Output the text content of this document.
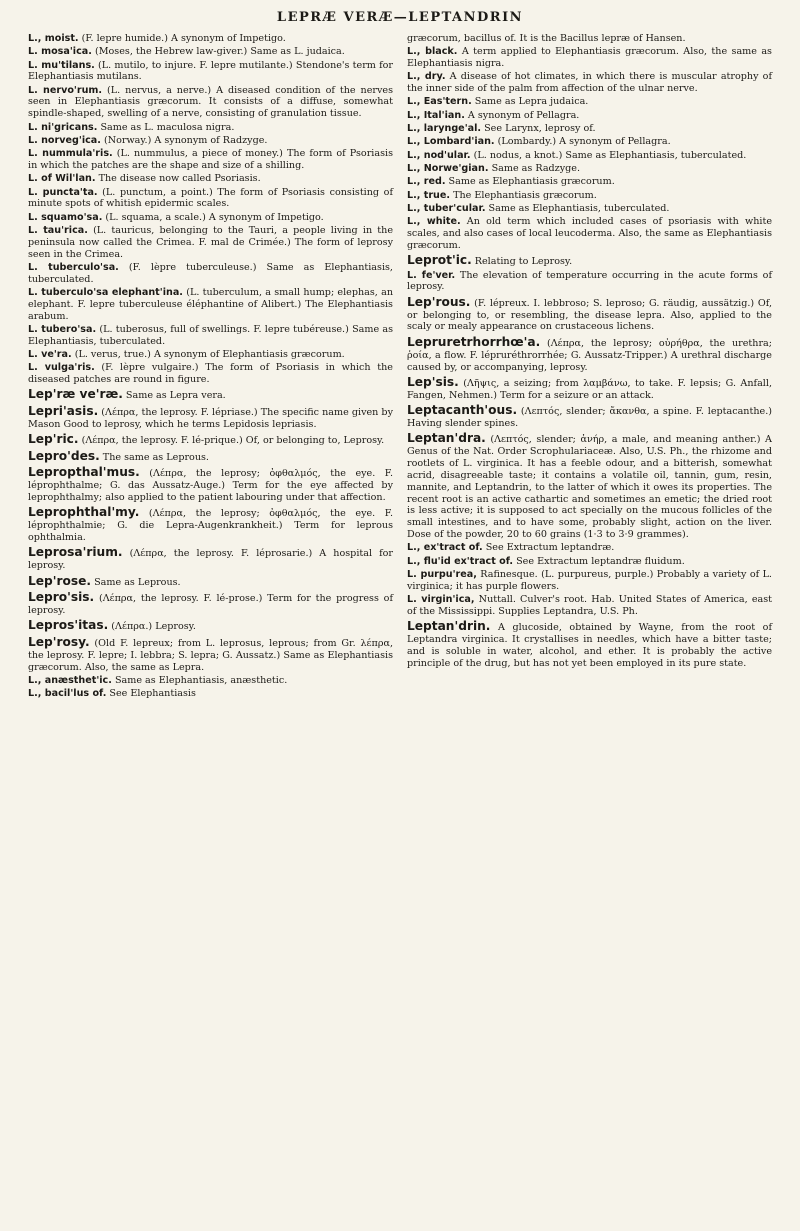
LEPRÆ VERÆ—LEPTANDRIN

L., moist. (F. lepre humide.) A synonym of Impetigo.

L. mosa'ica. (Moses, the Hebrew law-giver.) Same as L. judaica.

L. mu'tilans. (L. mutilo, to injure. F. lepre mutilante.) Stendone's term for Elephantiasis mutilans.

L. nervo'rum. (L. nervus, a nerve.) A diseased condition of the nerves seen in Elephantiasis græcorum. It consists of a diffuse, somewhat spindle-shaped, swelling of a nerve, consisting of granulation tissue.

L. ni'gricans. Same as L. maculosa nigra.

L. norveg'ica. (Norway.) A synonym of Radzyge.

L. nummula'ris. (L. nummulus, a piece of money.) The form of Psoriasis in which the patches are the shape and size of a shilling.

L. of Wil'lan. The disease now called Psoriasis.

L. puncta'ta. (L. punctum, a point.) The form of Psoriasis consisting of minute spots of whitish epidermic scales.

L. squamo'sa. (L. squama, a scale.) A synonym of Impetigo.

L. tau'rica. (L. tauricus, belonging to the Tauri, a people living in the peninsula now called the Crimea. F. mal de Crimée.) The form of leprosy seen in the Crimea.

L. tuberculo'sa. (F. lèpre tuberculeuse.) Same as Elephantiasis, tuberculated.

L. tuberculo'sa elephant'ina. (L. tuberculum, a small hump; elephas, an elephant. F. lepre tuberculeuse éléphantine of Alibert.) The Elephantiasis arabum.

L. tubero'sa. (L. tuberosus, full of swellings. F. lepre tubéreuse.) Same as Elephantiasis, tuberculated.

L. ve'ra. (L. verus, true.) A synonym of Elephantiasis græcorum.

L. vulga'ris. (F. lèpre vulgaire.) The form of Psoriasis in which the diseased patches are round in figure.

Lep'ræ ve'ræ. Same as Lepra vera.

Lepri'asis. (Λέπρα, the leprosy. F. lépriase.) The specific name given by Mason Good to leprosy, which he terms Lepidosis lepriasis.

Lep'ric. (Λέπρα, the leprosy. F. lé-prique.) Of, or belonging to, Leprosy.

Lepro'des. The same as Leprous.

Lepropthal'mus. (Λέπρα, the leprosy; ὀφθαλμός, the eye. F. léprophthalme; G. das Aussatz-Auge.) Term for the eye affected by leprophthalmy; also applied to the patient labouring under that affection.

Leprophthal'my. (Λέπρα, the leprosy; ὀφθαλμός, the eye. F. léprophthalmie; G. die Lepra-Augenkrankheit.) Term for leprous ophthalmia.

Leprosa'rium. (Λέπρα, the leprosy. F. léprosarie.) A hospital for leprosy.

Lep'rose. Same as Leprous.

Lepro'sis. (Λέπρα, the leprosy. F. lé-prose.) Term for the progress of leprosy.

Lepros'itas. (Λέπρα.) Leprosy.

Lep'rosy. (Old F. lepreux; from L. leprosus, leprous; from Gr. λέπρα, the leprosy. F. lepre; I. lebbra; S. lepra; G. Aussatz.) Same as Elephantiasis græcorum. Also, the same as Lepra.

L., anæsthet'ic. Same as Elephantiasis, anæsthetic.

L., bacil'lus of. See Elephantiasis

græcorum, bacillus of. It is the Bacillus lepræ of Hansen.

L., black. A term applied to Elephantiasis græcorum. Also, the same as Elephantiasis nigra.

L., dry. A disease of hot climates, in which there is muscular atrophy of the inner side of the palm from affection of the ulnar nerve.

L., Eas'tern. Same as Lepra judaica.

L., Ital'ian. A synonym of Pellagra.

L., larynge'al. See Larynx, leprosy of.

L., Lombard'ian. (Lombardy.) A synonym of Pellagra.

L., nod'ular. (L. nodus, a knot.) Same as Elephantiasis, tuberculated.

L., Norwe'gian. Same as Radzyge.

L., red. Same as Elephantiasis græcorum.

L., true. The Elephantiasis græcorum.

L., tuber'cular. Same as Elephantiasis, tuberculated.

L., white. An old term which included cases of psoriasis with white scales, and also cases of local leucoderma. Also, the same as Elephantiasis græcorum.

Leprot'ic. Relating to Leprosy.

L. fe'ver. The elevation of temperature occurring in the acute forms of leprosy.

Lep'rous. (F. lépreux. I. lebbroso; S. leproso; G. räudig, aussätzig.) Of, or belonging to, or resembling, the disease lepra. Also, applied to the scaly or mealy appearance on crustaceous lichens.

Lepruretrhorrhœ'a. (Λέπρα, the leprosy; οὐρήθρα, the urethra; ῥοία, a flow. F. lépruréthrorrhée; G. Aussatz-Tripper.) A urethral discharge caused by, or accompanying, leprosy.

Lep'sis. (Λῆψις, a seizing; from λαμβάνω, to take. F. lepsis; G. Anfall, Fangen, Nehmen.) Term for a seizure or an attack.

Leptacanth'ous. (Λεπτός, slender; ἄκανθα, a spine. F. leptacanthe.) Having slender spines.

Leptan'dra. (Λεπτός, slender; ἀνήρ, a male, and meaning anther.) A Genus of the Nat. Order Scrophulariaceæ. Also, U.S. Ph., the rhizome and rootlets of L. virginica. It has a feeble odour, and a bitterish, somewhat acrid, disagreeable taste; it contains a volatile oil, tannin, gum, resin, mannite, and Leptandrin, to the latter of which it owes its properties. The recent root is an active cathartic and sometimes an emetic; the dried root is less active; it is supposed to act specially on the mucous follicles of the small intestines, and to have some, probably slight, action on the liver. Dose of the powder, 20 to 60 grains (1·3 to 3·9 grammes).

L., ex'tract of. See Extractum leptandræ.

L., flu'id ex'tract of. See Extractum leptandræ fluidum.

L. purpu'rea, Rafinesque. (L. purpureus, purple.) Probably a variety of L. virginica; it has purple flowers.

L. virgin'ica, Nuttall. Culver's root. Hab. United States of America, east of the Mississippi. Supplies Leptandra, U.S. Ph.

Leptan'drin. A glucoside, obtained by Wayne, from the root of Leptandra virginica. It crystallises in needles, which have a bitter taste; and is soluble in water, alcohol, and ether. It is probably the active principle of the drug, but has not yet been employed in its pure state.
